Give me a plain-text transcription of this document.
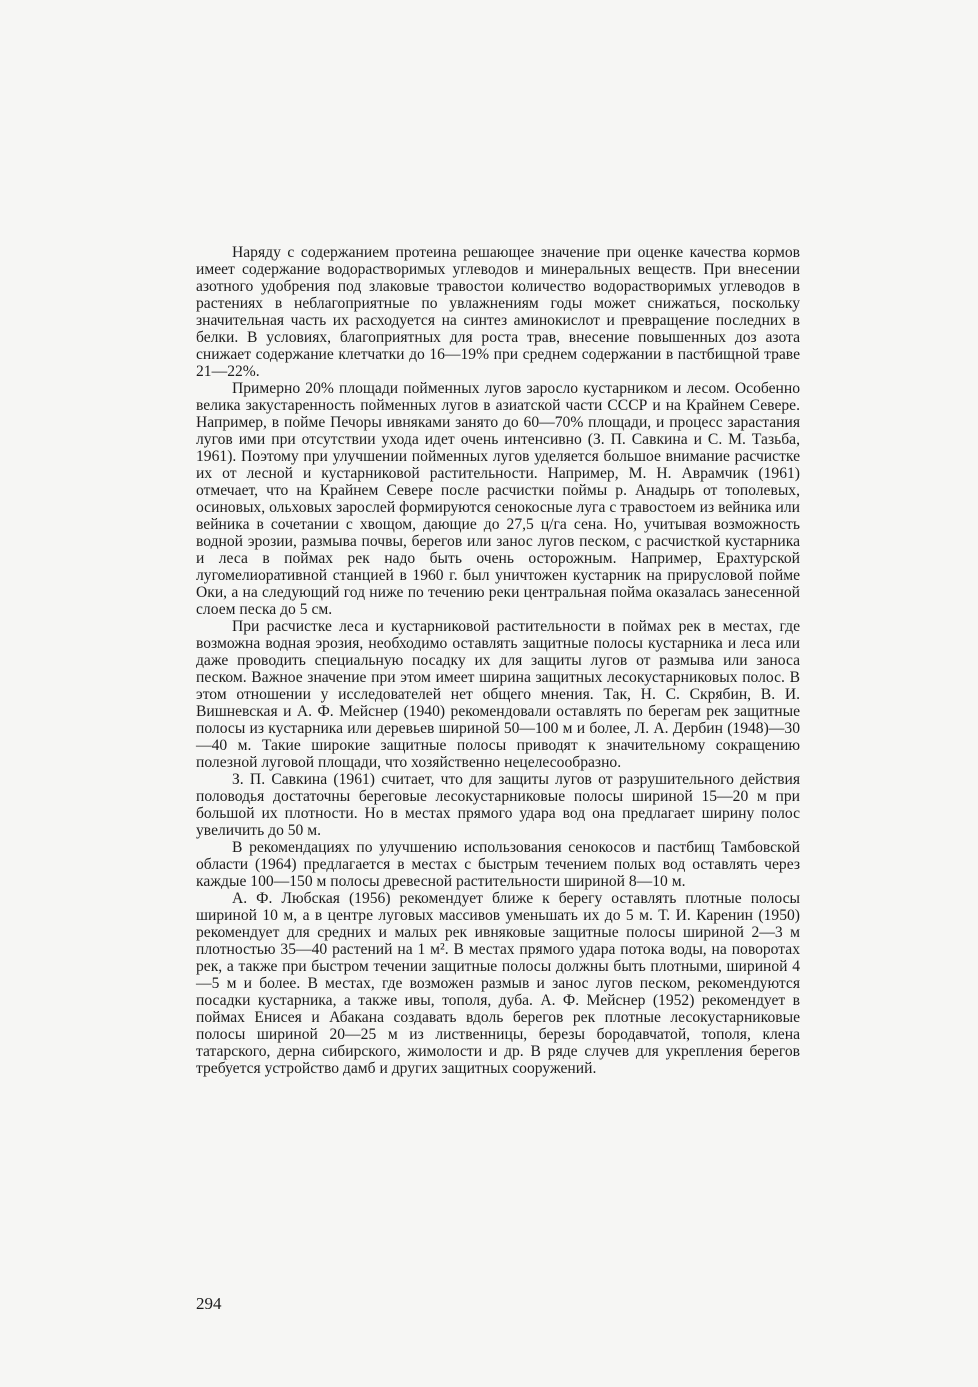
Наряду с содержанием протеина решающее значение при оценке качества кормов имеет содержание водорастворимых углеводов и минеральных веществ. При внесении азотного удобрения под злаковые травостои количество водорастворимых углеводов в растениях в неблагоприятные по увлажнениям годы может снижаться, поскольку значительная часть их расходуется на синтез аминокислот и превращение последних в белки. В условиях, благоприятных для роста трав, внесение повышенных доз азота снижает содержание клетчатки до 16—19% при среднем содержании в пастбищной траве 21—22%.

Примерно 20% площади пойменных лугов заросло кустарником и лесом. Особенно велика закустаренность пойменных лугов в азиатской части СССР и на Крайнем Севере. Например, в пойме Печоры ивняками занято до 60—70% площади, и процесс зарастания лугов ими при отсутствии ухода идет очень интенсивно (З. П. Савкина и С. М. Тазьба, 1961). Поэтому при улучшении пойменных лугов уделяется большое внимание расчистке их от лесной и кустарниковой растительности. Например, М. Н. Аврамчик (1961) отмечает, что на Крайнем Севере после расчистки поймы р. Анадырь от тополевых, осиновых, ольховых зарослей формируются сенокосные луга с травостоем из вейника или вейника в сочетании с хвощом, дающие до 27,5 ц/га сена. Но, учитывая возможность водной эрозии, размыва почвы, берегов или занос лугов песком, с расчисткой кустарника и леса в поймах рек надо быть очень осторожным. Например, Ерахтурской лугомелиоративной станцией в 1960 г. был уничтожен кустарник на прирусловой пойме Оки, а на следующий год ниже по течению реки центральная пойма оказалась занесенной слоем песка до 5 см.

При расчистке леса и кустарниковой растительности в поймах рек в местах, где возможна водная эрозия, необходимо оставлять защитные полосы кустарника и леса или даже проводить специальную посадку их для защиты лугов от размыва или заноса песком. Важное значение при этом имеет ширина защитных лесокустарниковых полос. В этом отношении у исследователей нет общего мнения. Так, Н. С. Скрябин, В. И. Вишневская и А. Ф. Мейснер (1940) рекомендовали оставлять по берегам рек защитные полосы из кустарника или деревьев шириной 50—100 м и более, Л. А. Дербин (1948)—30—40 м. Такие широкие защитные полосы приводят к значительному сокращению полезной луговой площади, что хозяйственно нецелесообразно.

З. П. Савкина (1961) считает, что для защиты лугов от разрушительного действия половодья достаточны береговые лесокустарниковые полосы шириной 15—20 м при большой их плотности. Но в местах прямого удара вод она предлагает ширину полос увеличить до 50 м.

В рекомендациях по улучшению использования сенокосов и пастбищ Тамбовской области (1964) предлагается в местах с быстрым течением полых вод оставлять через каждые 100—150 м полосы древесной растительности шириной 8—10 м.

А. Ф. Любская (1956) рекомендует ближе к берегу оставлять плотные полосы шириной 10 м, а в центре луговых массивов уменьшать их до 5 м. Т. И. Каренин (1950) рекомендует для средних и малых рек ивняковые защитные полосы шириной 2—3 м плотностью 35—40 растений на 1 м². В местах прямого удара потока воды, на поворотах рек, а также при быстром течении защитные полосы должны быть плотными, шириной 4—5 м и более. В местах, где возможен размыв и занос лугов песком, рекомендуются посадки кустарника, а также ивы, тополя, дуба. А. Ф. Мейснер (1952) рекомендует в поймах Енисея и Абакана создавать вдоль берегов рек плотные лесокустарниковые полосы шириной 20—25 м из лиственницы, березы бородавчатой, тополя, клена татарского, дерна сибирского, жимолости и др. В ряде случев для укрепления берегов требуется устройство дамб и других защитных сооружений.

294
